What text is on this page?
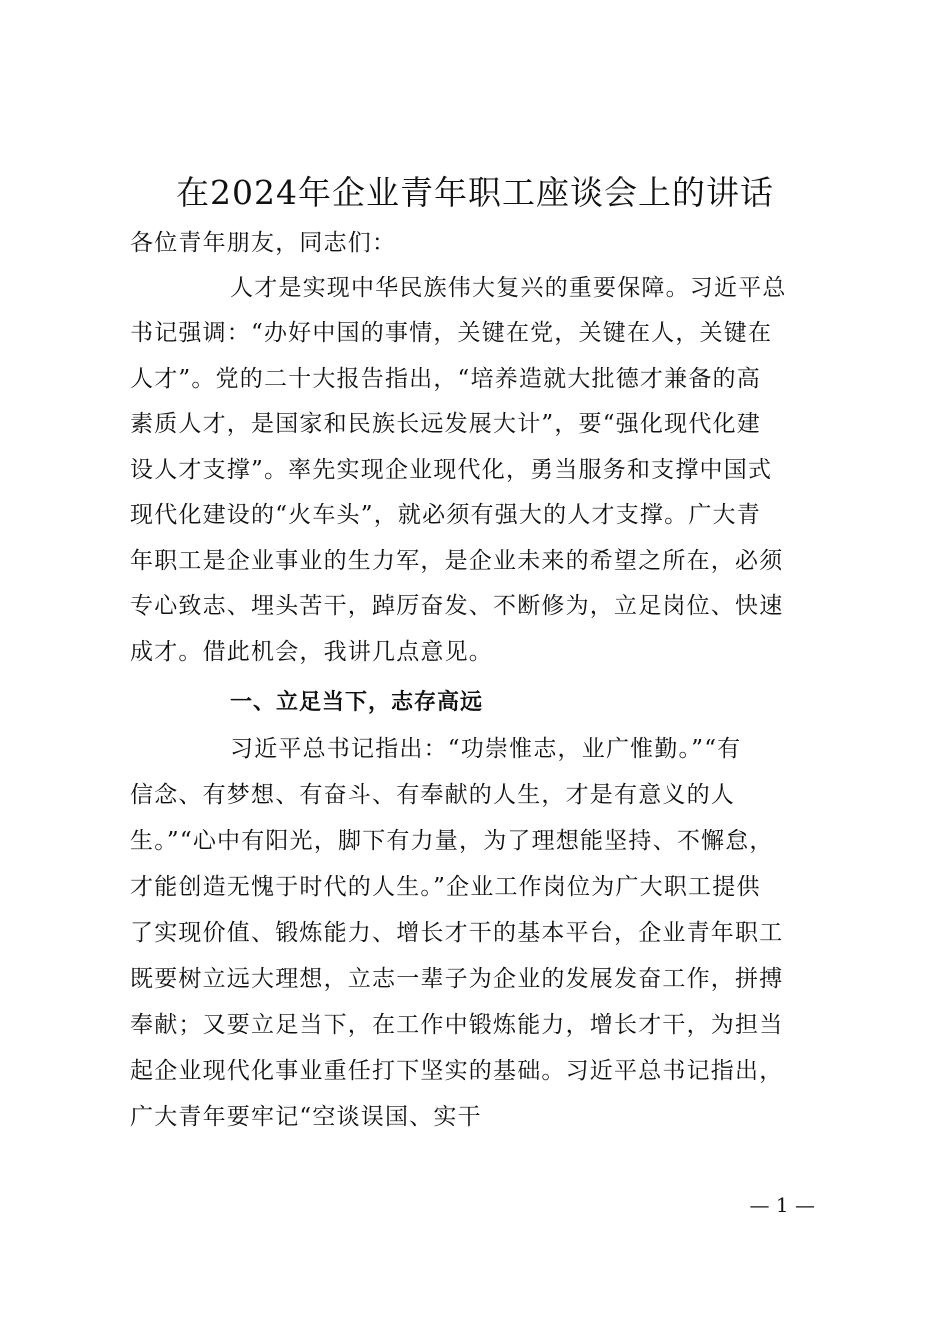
在2024年企业青年职工座谈会上的讲话
各位青年朋友，同志们：
人才是实现中华民族伟大复兴的重要保障。习近平总
书记强调：“办好中国的事情，关键在党，关键在人，关键在
人才”。党的二十大报告指出，“培养造就大批德才兼备的高
素质人才，是国家和民族长远发展大计”，要“强化现代化建
设人才支撑”。率先实现企业现代化，勇当服务和支撑中国式
现代化建设的“火车头”，就必须有强大的人才支撑。广大青
年职工是企业事业的生力军，是企业未来的希望之所在，必须
专心致志、埋头苦干，踔厉奋发、不断修为，立足岗位、快速
成才。借此机会，我讲几点意见。
一、立足当下，志存高远
习近平总书记指出：“功崇惟志，业广惟勤。”“有
信念、有梦想、有奋斗、有奉献的人生，才是有意义的人
生。”“心中有阳光，脚下有力量，为了理想能坚持、不懈怠，
才能创造无愧于时代的人生。”企业工作岗位为广大职工提供
了实现价值、锻炼能力、增长才干的基本平台，企业青年职工
既要树立远大理想，立志一辈子为企业的发展发奋工作，拼搏
奉献；又要立足当下，在工作中锻炼能力，增长才干，为担当
起企业现代化事业重任打下坚实的基础。习近平总书记指出，
广大青年要牢记“空谈误国、实干
— 1 —
